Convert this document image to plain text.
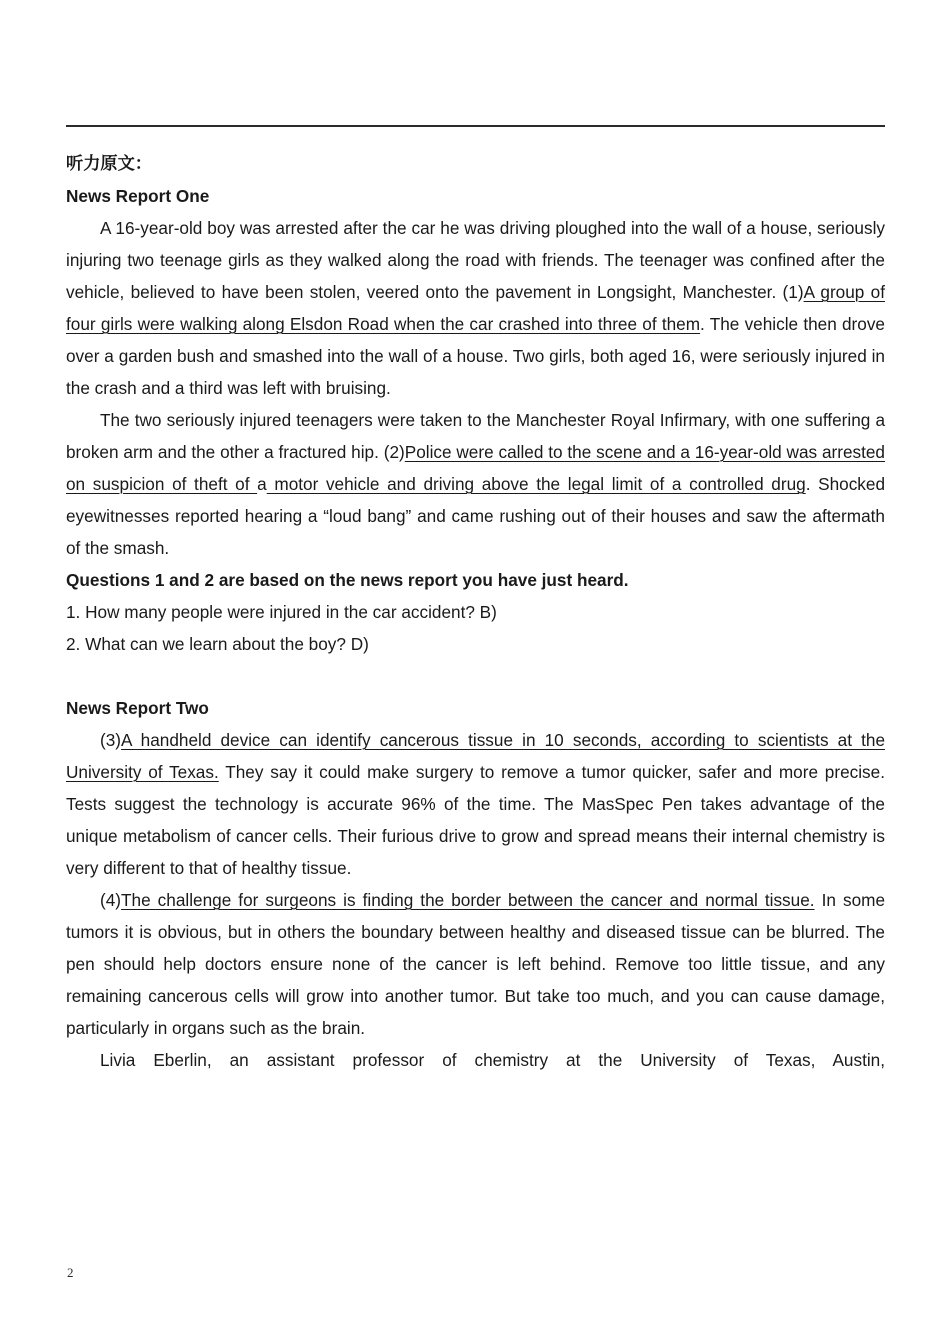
听力原文：
News Report One

A 16-year-old boy was arrested after the car he was driving ploughed into the wall of a house, seriously injuring two teenage girls as they walked along the road with friends. The teenager was confined after the vehicle, believed to have been stolen, veered onto the pavement in Longsight, Manchester. (1)A group of four girls were walking along Elsdon Road when the car crashed into three of them. The vehicle then drove over a garden bush and smashed into the wall of a house. Two girls, both aged 16, were seriously injured in the crash and a third was left with bruising.

The two seriously injured teenagers were taken to the Manchester Royal Infirmary, with one suffering a broken arm and the other a fractured hip. (2)Police were called to the scene and a 16-year-old was arrested on suspicion of theft of a motor vehicle and driving above the legal limit of a controlled drug. Shocked eyewitnesses reported hearing a “loud bang” and came rushing out of their houses and saw the aftermath of the smash.

Questions 1 and 2 are based on the news report you have just heard.

1. How many people were injured in the car accident? B)

2. What can we learn about the boy? D)

News Report Two

(3)A handheld device can identify cancerous tissue in 10 seconds, according to scientists at the University of Texas. They say it could make surgery to remove a tumor quicker, safer and more precise. Tests suggest the technology is accurate 96% of the time. The MasSpec Pen takes advantage of the unique metabolism of cancer cells. Their furious drive to grow and spread means their internal chemistry is very different to that of healthy tissue.

(4)The challenge for surgeons is finding the border between the cancer and normal tissue. In some tumors it is obvious, but in others the boundary between healthy and diseased tissue can be blurred. The pen should help doctors ensure none of the cancer is left behind. Remove too little tissue, and any remaining cancerous cells will grow into another tumor. But take too much, and you can cause damage, particularly in organs such as the brain.

Livia Eberlin, an assistant professor of chemistry at the University of Texas, Austin,

2
